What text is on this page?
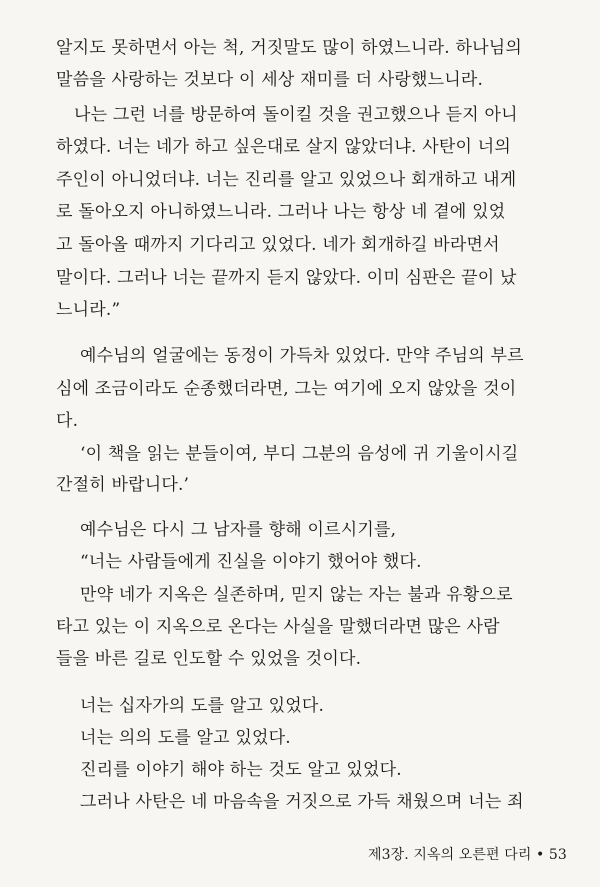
알지도 못하면서 아는 척, 거짓말도 많이 하였느니라. 하나님의
말씀을 사랑하는 것보다 이 세상 재미를 더 사랑했느니라.
나는 그런 너를 방문하여 돌이킬 것을 권고했으나 듣지 아니
하였다. 너는 네가 하고 싶은대로 살지 않았더냐. 사탄이 너의
주인이 아니었더냐. 너는 진리를 알고 있었으나 회개하고 내게
로 돌아오지 아니하였느니라. 그러나 나는 항상 네 곁에 있었
고 돌아올 때까지 기다리고 있었다. 네가 회개하길 바라면서
말이다. 그러나 너는 끝까지 듣지 않았다. 이미 심판은 끝이 났
느니라.”
예수님의 얼굴에는 동정이 가득차 있었다. 만약 주님의 부르
심에 조금이라도 순종했더라면, 그는 여기에 오지 않았을 것이
다.
‘이 책을 읽는 분들이여, 부디 그분의 음성에 귀 기울이시길
간절히 바랍니다.’
예수님은 다시 그 남자를 향해 이르시기를,
“너는 사람들에게 진실을 이야기 했어야 했다.
만약 네가 지옥은 실존하며, 믿지 않는 자는 불과 유황으로
타고 있는 이 지옥으로 온다는 사실을 말했더라면 많은 사람
들을 바른 길로 인도할 수 있었을 것이다.
너는 십자가의 도를 알고 있었다.
너는 의의 도를 알고 있었다.
진리를 이야기 해야 하는 것도 알고 있었다.
그러나 사탄은 네 마음속을 거짓으로 가득 채웠으며 너는 죄
제3장. 지옥의 오른편 다리 • 53
